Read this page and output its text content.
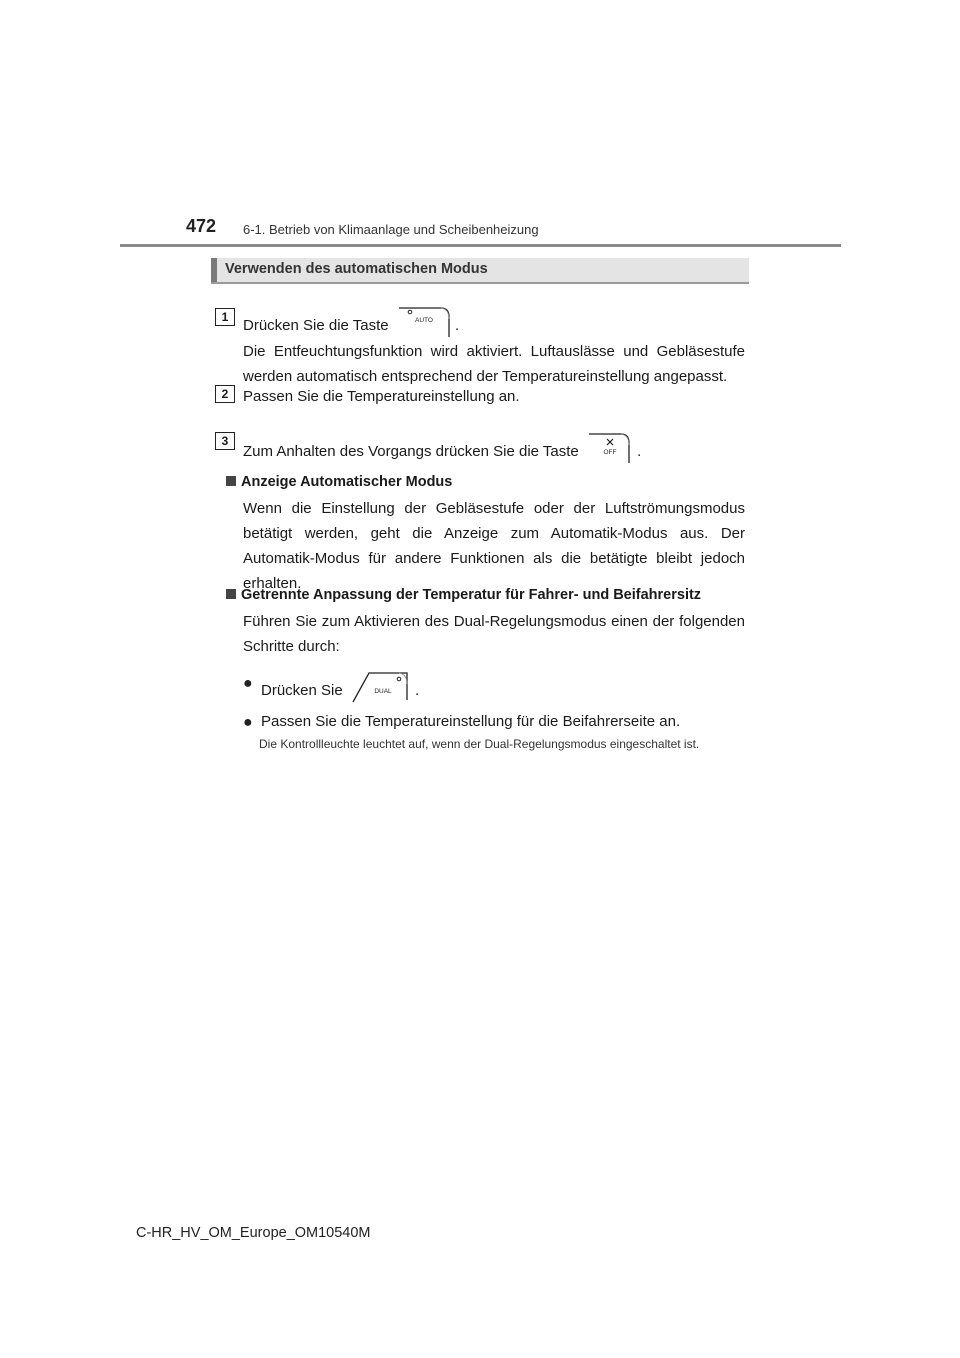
472 6-1. Betrieb von Klimaanlage und Scheibenheizung
Verwenden des automatischen Modus
1 Drücken Sie die Taste	AUTO .
Die Entfeuchtungsfunktion wird aktiviert. Luftauslässe und Gebläsestufe werden automatisch entsprechend der Temperatureinstellung angepasst.
2 Passen Sie die Temperatureinstellung an.
3
Zum Anhalten des Vorgangs drücken Sie die Taste	OFF .
Anzeige Automatischer Modus
Wenn die Einstellung der Gebläsestufe oder der Luftströmungsmodus betätigt werden, geht die Anzeige zum Automatik-Modus aus. Der Automatik-Modus für andere Funktionen als die betätigte bleibt jedoch erhalten.
Getrennte Anpassung der Temperatur für Fahrer- und Beifahrersitz
Führen Sie zum Aktivieren des Dual-Regelungsmodus einen der folgenden Schritte durch:
● Drücken Sie	DUAL .
● Passen Sie die Temperatureinstellung für die Beifahrerseite an.
Die Kontrollleuchte leuchtet auf, wenn der Dual-Regelungsmodus eingeschaltet ist.
C-HR_HV_OM_Europe_OM10540M
